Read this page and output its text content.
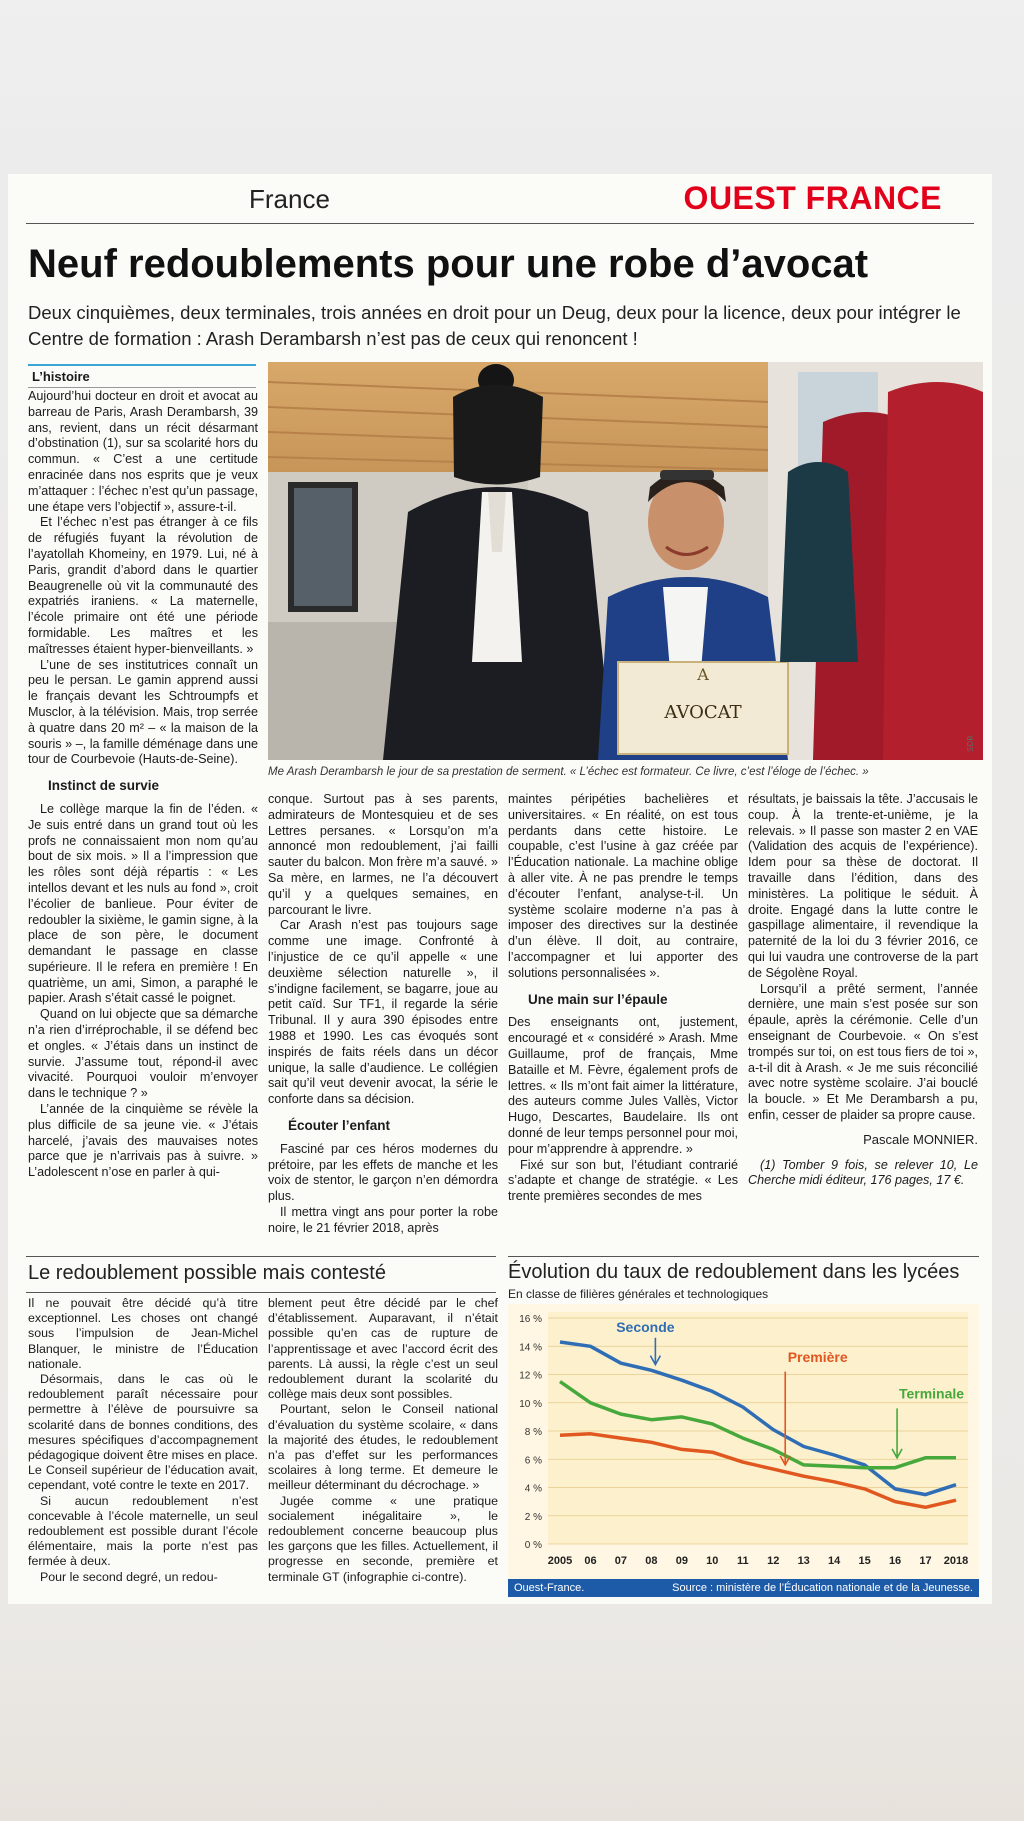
France	OUEST FRANCE
Neuf redoublements pour une robe d’avocat

Deux cinquièmes, deux terminales, trois années en droit pour un Deug, deux pour la licence, deux pour intégrer le Centre de formation : Arash Derambarsh n’est pas de ceux qui renoncent !

L’histoire

Aujourd’hui docteur en droit et avocat au barreau de Paris, Arash Derambarsh, 39 ans, revient, dans un récit désarmant d’obstination (1), sur sa scolarité hors du commun. « C’est a une certitude enracinée dans nos esprits que je veux m’attaquer : l’échec n’est qu’un passage, une étape vers l’objectif », assure-t-il.

Et l’échec n’est pas étranger à ce fils de réfugiés fuyant la révolution de l’ayatollah Khomeiny, en 1979. Lui, né à Paris, grandit d’abord dans le quartier Beaugrenelle où vit la communauté des expatriés iraniens. « La maternelle, l’école primaire ont été une période formidable. Les maîtres et les maîtresses étaient hyper-bienveillants. »

L’une de ses institutrices connaît un peu le persan. Le gamin apprend aussi le français devant les Schtroumpfs et Musclor, à la télévision. Mais, trop serrée à quatre dans 20 m² – « la maison de la souris » –, la famille déménage dans une tour de Courbevoie (Hauts-de-Seine).

Instinct de survie

Le collège marque la fin de l’éden. « Je suis entré dans un grand tout où les profs ne connaissaient mon nom qu’au bout de six mois. » Il a l’impression que les rôles sont déjà répartis : « Les intellos devant et les nuls au fond », croit l’écolier de banlieue. Pour éviter de redoubler la sixième, le gamin signe, à la place de son père, le document demandant le passage en classe supérieure. Il le refera en première ! En quatrième, un ami, Simon, a paraphé le papier. Arash s’était cassé le poignet.

Quand on lui objecte que sa démarche n’a rien d’irréprochable, il se défend bec et ongles. « J’étais dans un instinct de survie. J’assume tout, répond-il avec vivacité. Pourquoi vouloir m’envoyer dans le technique ? »

L’année de la cinquième se révèle la plus difficile de sa jeune vie. « J’étais harcelé, j’avais des mauvaises notes parce que je n’arrivais pas à suivre. » L’adolescent n’ose en parler à qui-

A
AVOCAT
SDR
Me Arash Derambarsh le jour de sa prestation de serment. « L’échec est formateur. Ce livre, c’est l’éloge de l’échec. »

conque. Surtout pas à ses parents, admirateurs de Montesquieu et de ses Lettres persanes. « Lorsqu’on m’a annoncé mon redoublement, j’ai failli sauter du balcon. Mon frère m’a sauvé. » Sa mère, en larmes, ne l’a découvert qu’il y a quelques semaines, en parcourant le livre.

Car Arash n’est pas toujours sage comme une image. Confronté à l’injustice de ce qu’il appelle « une deuxième sélection naturelle », il s’indigne facilement, se bagarre, joue au petit caïd. Sur TF1, il regarde la série Tribunal. Il y aura 390 épisodes entre 1988 et 1990. Les cas évoqués sont inspirés de faits réels dans un décor unique, la salle d’audience. Le collégien sait qu’il veut devenir avocat, la série le conforte dans sa décision.

Écouter l’enfant

Fasciné par ces héros modernes du prétoire, par les effets de manche et les voix de stentor, le garçon n’en démordra plus.

Il mettra vingt ans pour porter la robe noire, le 21 février 2018, après

maintes péripéties bachelières et universitaires. « En réalité, on est tous perdants dans cette histoire. Le coupable, c’est l’usine à gaz créée par l’Éducation nationale. La machine oblige à aller vite. À ne pas prendre le temps d’écouter l’enfant, analyse-t-il. Un système scolaire moderne n’a pas à imposer des directives sur la destinée d’un élève. Il doit, au contraire, l’accompagner et lui apporter des solutions personnalisées ».

Une main sur l’épaule

Des enseignants ont, justement, encouragé et « considéré » Arash. Mme Guillaume, prof de français, Mme Bataille et M. Fèvre, également profs de lettres. « Ils m’ont fait aimer la littérature, des auteurs comme Jules Vallès, Victor Hugo, Descartes, Baudelaire. Ils ont donné de leur temps personnel pour moi, pour m’apprendre à apprendre. »

Fixé sur son but, l’étudiant contrarié s’adapte et change de stratégie. « Les trente premières secondes de mes

résultats, je baissais la tête. J’accusais le coup. À la trente-et-unième, je la relevais. » Il passe son master 2 en VAE (Validation des acquis de l’expérience). Idem pour sa thèse de doctorat. Il travaille dans l’édition, dans des ministères. La politique le séduit. À droite. Engagé dans la lutte contre le gaspillage alimentaire, il revendique la paternité de la loi du 3 février 2016, ce qui lui vaudra une controverse de la part de Ségolène Royal.

Lorsqu’il a prêté serment, l’année dernière, une main s’est posée sur son épaule, après la cérémonie. Celle d’un enseignant de Courbevoie. « On s’est trompés sur toi, on est tous fiers de toi », a-t-il dit à Arash. « Je me suis réconcilié avec notre système scolaire. J’ai bouclé la boucle. » Et Me Derambarsh a pu, enfin, cesser de plaider sa propre cause.

Pascale MONNIER.

(1) Tomber 9 fois, se relever 10, Le Cherche midi éditeur, 176 pages, 17 €.

Le redoublement possible mais contesté

Il ne pouvait être décidé qu’à titre exceptionnel. Les choses ont changé sous l’impulsion de Jean-Michel Blanquer, le ministre de l’Éducation nationale.

Désormais, dans le cas où le redoublement paraît nécessaire pour permettre à l’élève de poursuivre sa scolarité dans de bonnes conditions, des mesures spécifiques d’accompagnement pédagogique doivent être mises en place. Le Conseil supérieur de l’éducation avait, cependant, voté contre le texte en 2017.

Si aucun redoublement n’est concevable à l’école maternelle, un seul redoublement est possible durant l’école élémentaire, mais la porte n’est pas fermée à deux.

Pour le second degré, un redou-

blement peut être décidé par le chef d’établissement. Auparavant, il n’était possible qu’en cas de rupture de l’apprentissage et avec l’accord écrit des parents. Là aussi, la règle c’est un seul redoublement durant la scolarité du collège mais deux sont possibles.

Pourtant, selon le Conseil national d’évaluation du système scolaire, « dans la majorité des études, le redoublement n’a pas d’effet sur les performances scolaires à long terme. Et demeure le meilleur déterminant du décrochage. »

Jugée comme « une pratique socialement inégalitaire », le redoublement concerne beaucoup plus les garçons que les filles. Actuellement, il progresse en seconde, première et terminale GT (infographie ci-contre).

Évolution du taux de redoublement dans les lycées
En classe de filières générales et technologiques
0 %
2 %
4 %
6 %
8 %
10 %
12 %
14 %
16 %
2005 06 07 08 09 10 11 12 13 14 15 16 17 2018
Seconde
Première
Terminale
Ouest-France.	Source : ministère de l’Éducation nationale et de la Jeunesse.
